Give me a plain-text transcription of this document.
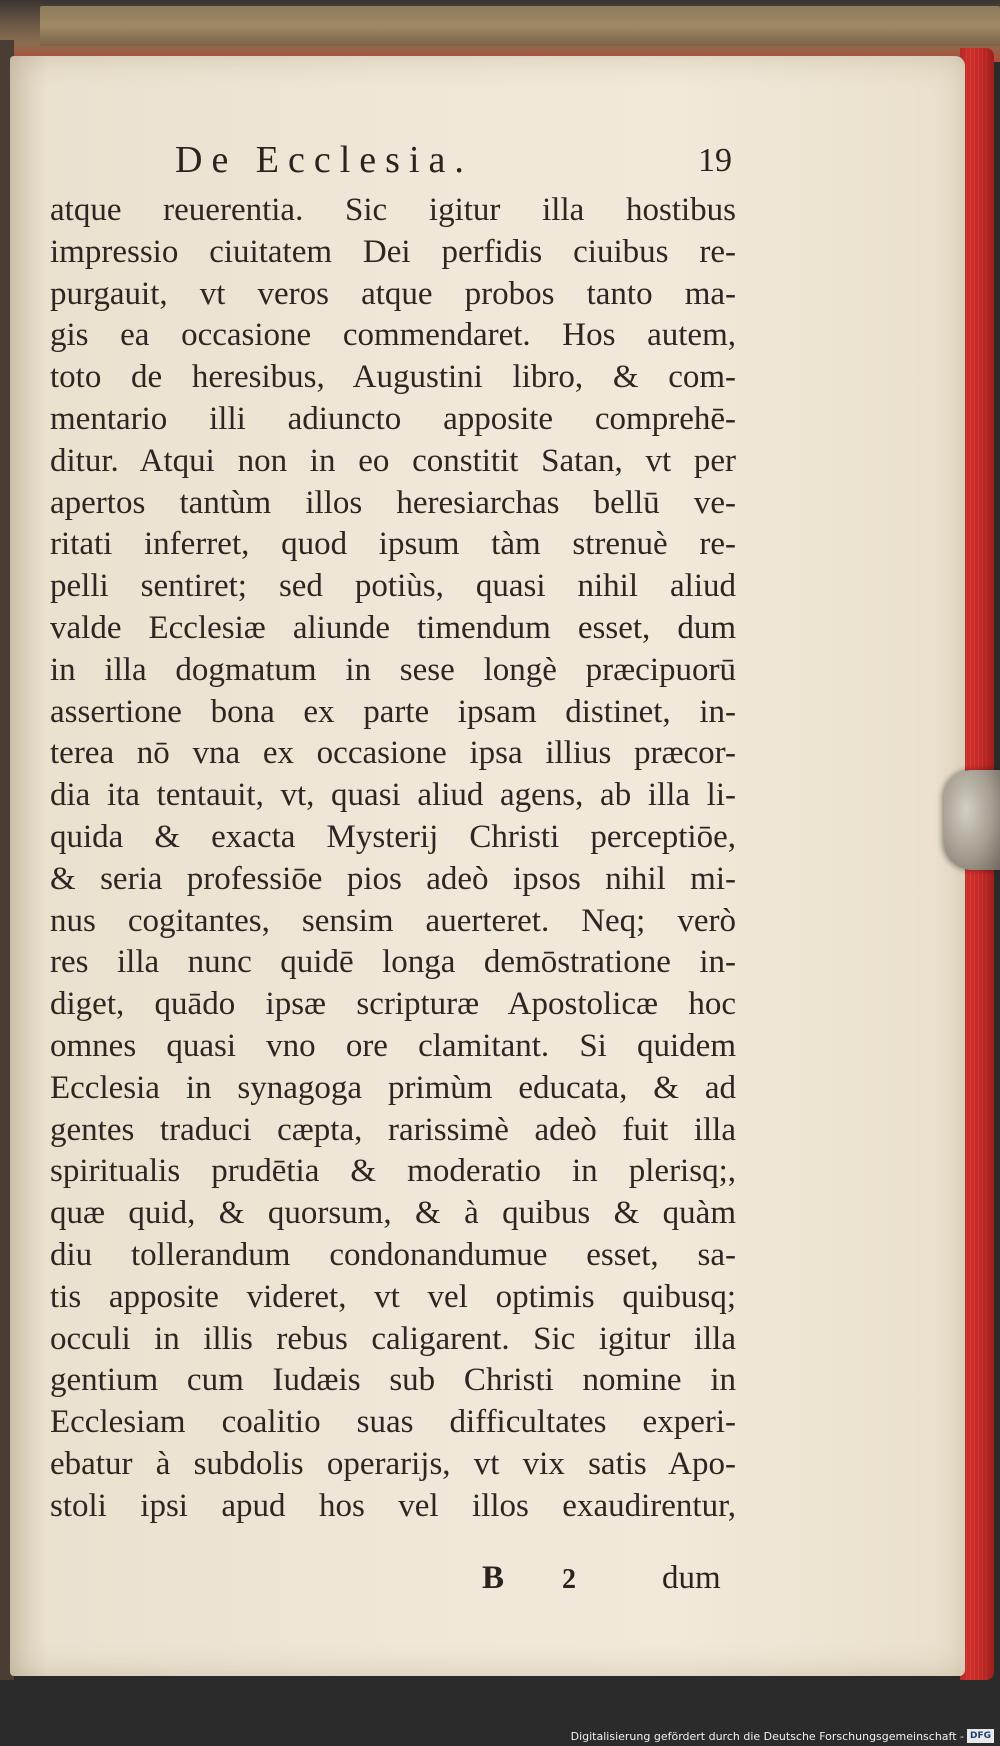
De Ecclesia.	19
atque reuerentia. Sic igitur illa hostibus
impressio ciuitatem Dei perfidis ciuibus re-
purgauit, vt veros atque probos tanto ma-
gis ea occasione commendaret. Hos autem,
toto de heresibus, Augustini libro, & com-
mentario illi adiuncto apposite comprehē-
ditur. Atqui non in eo constitit Satan, vt per
apertos tantùm illos heresiarchas bellū ve-
ritati inferret, quod ipsum tàm strenuè re-
pelli sentiret; sed potiùs, quasi nihil aliud
valde Ecclesiæ aliunde timendum esset, dum
in illa dogmatum in sese longè præcipuorū
assertione bona ex parte ipsam distinet, in-
terea nō vna ex occasione ipsa illius præcor-
dia ita tentauit, vt, quasi aliud agens, ab illa li-
quida & exacta Mysterij Christi perceptiōe,
& seria professiōe pios adeò ipsos nihil mi-
nus cogitantes, sensim auerteret. Neq; verò
res illa nunc quidē longa demōstratione in-
diget, quādo ipsæ scripturæ Apostolicæ hoc
omnes quasi vno ore clamitant. Si quidem
Ecclesia in synagoga primùm educata, & ad
gentes traduci cæpta, rarissimè adeò fuit illa
spiritualis prudētia & moderatio in plerisq;,
quæ quid, & quorsum, & à quibus & quàm
diu tollerandum condonandumue esset, sa-
tis apposite videret, vt vel optimis quibusq;
occuli in illis rebus caligarent. Sic igitur illa
gentium cum Iudæis sub Christi nomine in
Ecclesiam coalitio suas difficultates experi-
ebatur à subdolis operarijs, vt vix satis Apo-
stoli ipsi apud hos vel illos exaudirentur,
B 2	dum
Digitalisierung gefördert durch die Deutsche Forschungsgemeinschaft - DFG
